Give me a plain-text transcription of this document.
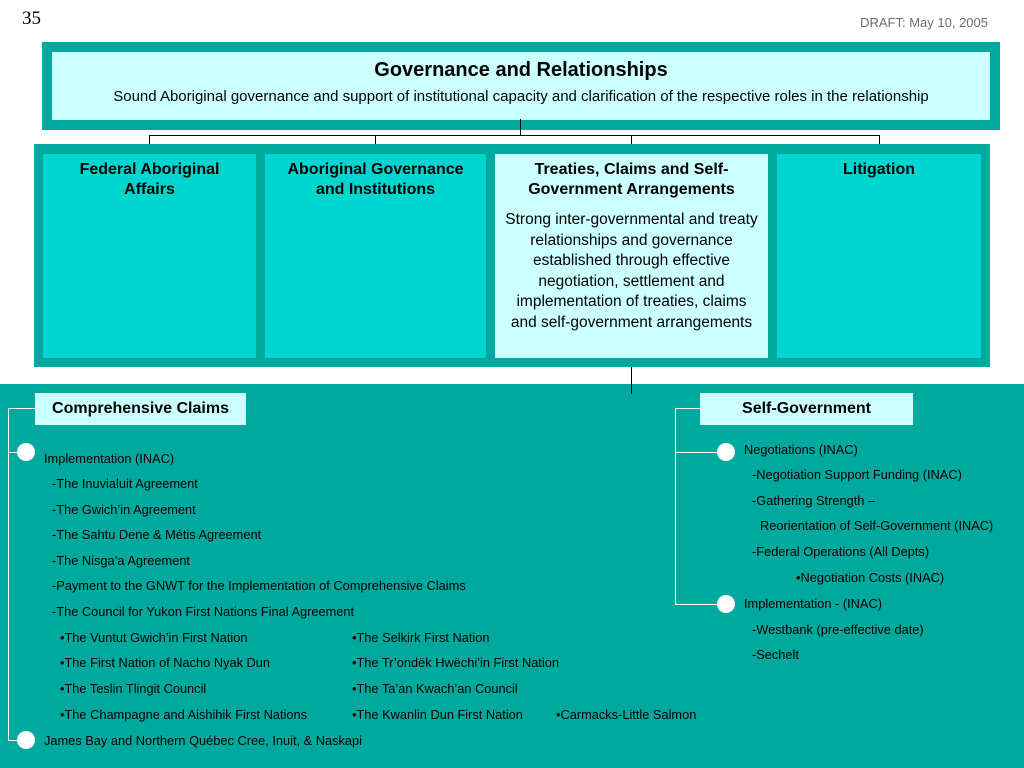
35	DRAFT: May 10, 2005
Governance and Relationships
Sound Aboriginal governance and support of institutional capacity and clarification of the respective roles in the relationship
Federal Aboriginal Affairs
Aboriginal Governance and Institutions
Treaties, Claims and Self-Government Arrangements
Strong inter-governmental and treaty relationships and governance established through effective negotiation, settlement and implementation of treaties, claims and self-government arrangements
Litigation
Comprehensive Claims	Self-Government
Implementation (INAC)
-The Inuvialuit Agreement
-The Gwich’in Agreement
-The Sahtu Dene & Métis Agreement
-The Nisga’a Agreement
-Payment to the GNWT for the Implementation of Comprehensive Claims
-The Council for Yukon First Nations Final Agreement
•The Vuntut Gwich’in First Nation
•The First Nation of Nacho Nyak Dun
•The Teslin Tlingit Council
•The Champagne and Aishihik First Nations
•The Selkirk First Nation
•The Tr’ondëk Hwëchi’in First Nation
•The Ta’an Kwach’an Council
•The Kwanlin Dun First Nation	•Carmacks-Little Salmon
James Bay and Northern Québec Cree, Inuit, & Naskapi
Negotiations (INAC)
-Negotiation Support Funding (INAC)
-Gathering Strength –
Reorientation of Self-Government (INAC)
-Federal Operations (All Depts)
•Negotiation Costs (INAC)
Implementation - (INAC)
-Westbank (pre-effective date)
-Sechelt
